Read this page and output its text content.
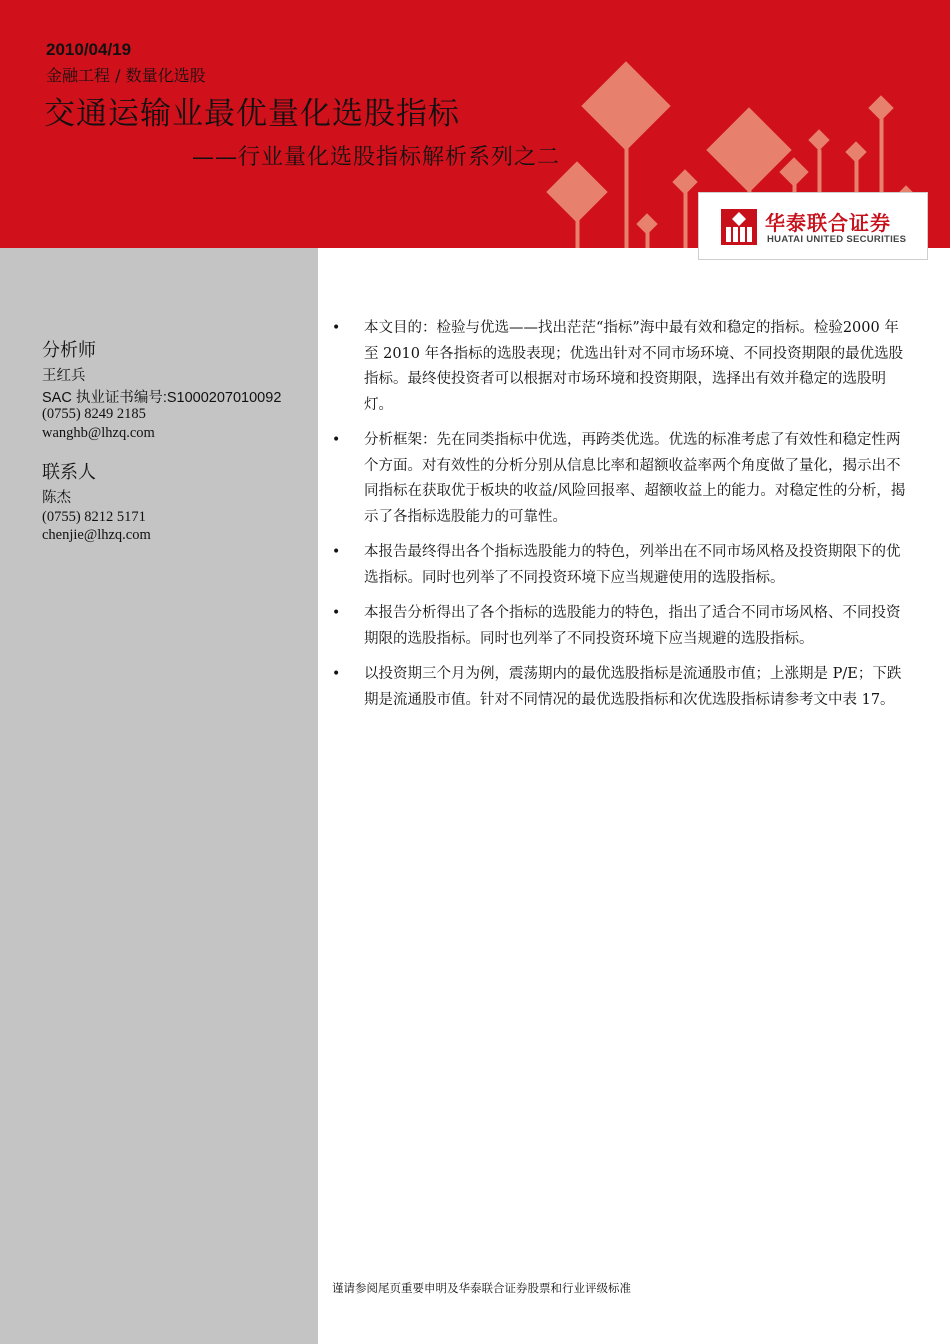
2010/04/19
金融工程 / 数量化选股
交通运输业最优量化选股指标
——行业量化选股指标解析系列之二
华泰联合证券
HUATAI UNITED SECURITIES
分析师
王红兵
SAC 执业证书编号:S1000207010092
(0755) 8249 2185
wanghb@lhzq.com
联系人
陈杰
(0755) 8212 5171
chenjie@lhzq.com
• 本文目的：检验与优选——找出茫茫“指标”海中最有效和稳定的指标。检验2000 年至 2010 年各指标的选股表现；优选出针对不同市场环境、不同投资期限的最优选股指标。最终使投资者可以根据对市场环境和投资期限，选择出有效并稳定的选股明灯。
• 分析框架：先在同类指标中优选，再跨类优选。优选的标准考虑了有效性和稳定性两个方面。对有效性的分析分别从信息比率和超额收益率两个角度做了量化，揭示出不同指标在获取优于板块的收益/风险回报率、超额收益上的能力。对稳定性的分析，揭示了各指标选股能力的可靠性。
• 本报告最终得出各个指标选股能力的特色，列举出在不同市场风格及投资期限下的优选指标。同时也列举了不同投资环境下应当规避使用的选股指标。
• 本报告分析得出了各个指标的选股能力的特色，指出了适合不同市场风格、不同投资期限的选股指标。同时也列举了不同投资环境下应当规避的选股指标。
• 以投资期三个月为例，震荡期内的最优选股指标是流通股市值；上涨期是 P/E；下跌期是流通股市值。针对不同情况的最优选股指标和次优选股指标请参考文中表 17。
谨请参阅尾页重要申明及华泰联合证券股票和行业评级标准
